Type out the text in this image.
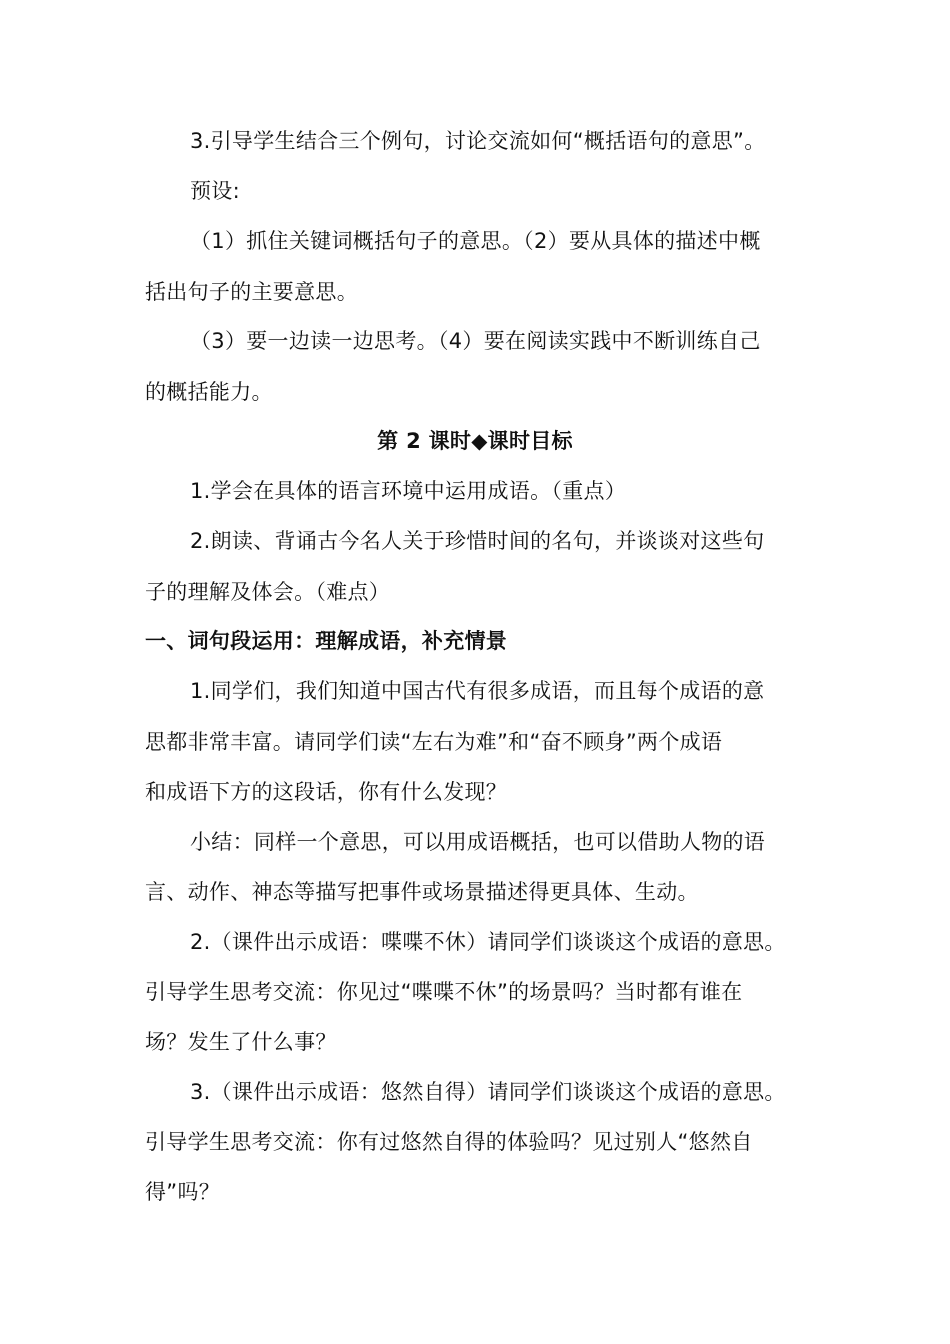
3.引导学生结合三个例句，讨论交流如何“概括语句的意思”。
预设:
（1）抓住关键词概括句子的意思。（2）要从具体的描述中概
括出句子的主要意思。
（3）要一边读一边思考。（4）要在阅读实践中不断训练自己
的概括能力。
第 2 课时◆课时目标
1.学会在具体的语言环境中运用成语。（重点）
2.朗读、背诵古今名人关于珍惜时间的名句，并谈谈对这些句
子的理解及体会。（难点）
一、词句段运用：理解成语，补充情景
1.同学们，我们知道中国古代有很多成语，而且每个成语的意
思都非常丰富。请同学们读“左右为难”和“奋不顾身”两个成语
和成语下方的这段话，你有什么发现？
小结：同样一个意思，可以用成语概括，也可以借助人物的语
言、动作、神态等描写把事件或场景描述得更具体、生动。
2.（课件出示成语：喋喋不休）请同学们谈谈这个成语的意思。
引导学生思考交流：你见过“喋喋不休”的场景吗？当时都有谁在
场？发生了什么事？
3.（课件出示成语：悠然自得）请同学们谈谈这个成语的意思。
引导学生思考交流：你有过悠然自得的体验吗？见过别人“悠然自
得”吗？
